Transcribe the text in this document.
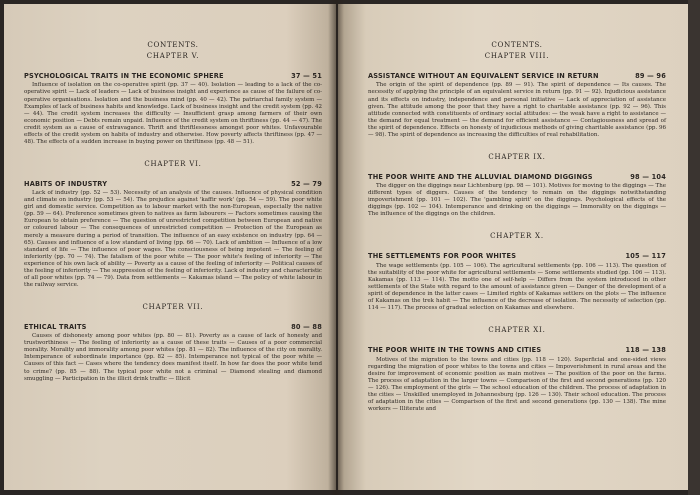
CONTENTS.
CHAPTER V.
PSYCHOLOGICAL TRAITS IN THE ECONOMIC SPHERE	37 — 51

Influence of isolation on the co-operative spirit (pp. 37 — 40). Isolation — leading to a lack of the co-operative spirit — Lack of leaders — Lack of business insight and experience as cause of the failure of co-operative organisations. Isolation and the business mind (pp. 40 — 42). The patriarchal family system — Examples of lack of business habits and knowledge. Lack of business insight and the credit system (pp. 42 — 44). The credit system increases the difficulty — Insufficient grasp among farmers of their own economic position — Debts remain unpaid. Influence of the credit system on thriftiness (pp. 44 — 47). The credit system as a cause of extravagance. Thrift and thriftlessness amongst poor whites. Unfavourable effects of the credit system on habits of industry and otherwise. How poverty affects thriftiness (pp. 47 — 48). The effects of a sudden increase in buying power on thriftiness (pp. 48 — 51).

CHAPTER VI.
HABITS OF INDUSTRY	52 — 79

Lack of industry (pp. 52 — 53). Necessity of an analysis of the causes. Influence of physical condition and climate on industry (pp. 53 — 54). The prejudice against 'kaffir work' (pp. 54 — 59). The poor white girl and domestic service. Competition as to labour market with the non-European, especially the native (pp. 59 — 64). Preference sometimes given to natives as farm labourers — Factors sometimes causing the European to obtain preference — The question of unrestricted competition between European and native or coloured labour — The consequences of unrestricted competition — Protection of the European as merely a measure during a period of transition. The influence of an easy existence on industry (pp. 64 — 65). Causes and influence of a low standard of living (pp. 66 — 70). Lack of ambition — Influence of a low standard of life — The influence of poor wages. The consciousness of being impotent — The feeling of inferiority (pp. 70 — 74). The fatalism of the poor white — The poor white's feeling of inferiority — The experience of his own lack of ability — Poverty as a cause of the feeling of inferiority — Political causes of the feeling of inferiority — The suppression of the feeling of inferiority. Lack of industry and characteristic of all poor whites (pp. 74 — 79). Data from settlements — Kakamas island — The policy of white labour in the railway service.

CHAPTER VII.
ETHICAL TRAITS	80 — 88

Causes of dishonesty among poor whites (pp. 80 — 81). Poverty as a cause of lack of honesty and trustworthiness — The feeling of inferiority as a cause of these traits — Causes of a poor commercial morality. Morality and immorality among poor whites (pp. 81 — 82). The influence of the city on morality. Intemperance of subordinate importance (pp. 82 — 85). Intemperance not typical of the poor white — Causes of this fact — Cases where the tendency does manifest itself. In how far does the poor white tend to crime? (pp. 85 — 88). The typical poor white not a criminal — Diamond stealing and diamond smuggling — Participation in the illicit drink traffic — Illicit

CONTENTS.
CHAPTER VIII.
ASSISTANCE WITHOUT AN EQUIVALENT SERVICE IN RETURN	89 — 96

The origin of the spirit of dependence (pp. 89 — 91). The spirit of dependence — Its causes. The necessity of applying the principle of an equivalent service in return (pp. 91 — 92). Injudicious assistance and its effects on industry, independence and personal initiative — Lack of appreciation of assistance given. The attitude among the poor that they have a right to charitable assistance (pp. 92 — 96). This attitude connected with constituents of ordinary social attitudes: — the weak have a right to assistance — the demand for equal treatment — the demand for efficient assistance — Contagiousness and spread of the spirit of dependence. Effects on honesty of injudicious methods of giving charitable assistance (pp. 96 — 98). The spirit of dependence as increasing the difficulties of real rehabilitation.

CHAPTER IX.
THE POOR WHITE AND THE ALLUVIAL DIAMOND DIGGINGS	98 — 104

The digger on the diggings near Lichtenburg (pp. 98 — 101). Motives for moving to the diggings — The different types of diggers. Causes of the tendency to remain on the diggings notwithstanding impoverishment (pp. 101 — 102). The 'gambling spirit' on the diggings. Psychological effects of the diggings (pp. 102 — 104). Intemperance and drinking on the diggings — Immorality on the diggings — The influence of the diggings on the children.

CHAPTER X.
THE SETTLEMENTS FOR POOR WHITES	105 — 117

The wage settlements (pp. 105 — 106). The agricultural settlements (pp. 106 — 113). The question of the suitability of the poor white for agricultural settlements — Some settlements studied (pp. 106 — 113). Kakamas (pp. 113 — 114). The motto one of self-help — Differs from the system introduced in other settlements of the State with regard to the amount of assistance given — Danger of the development of a spirit of dependence in the latter cases — Limited rights of Kakamas settlers on the plots — The influence of Kakamas on the trek habit — The influence of the decrease of isolation. The necessity of selection (pp. 114 — 117). The process of gradual selection on Kakamas and elsewhere.

CHAPTER XI.
THE POOR WHITE IN THE TOWNS AND CITIES	118 — 138

Motives of the migration to the towns and cities (pp. 118 — 120). Superficial and one-sided views regarding the migration of poor whites to the towns and cities — Impoverishment in rural areas and the desire for improvement of economic position as main motives — The position of the poor on the farms. The process of adaptation in the larger towns — Comparison of the first and second generations (pp. 120 — 126). The employment of the girls — The school education of the children. The process of adaptation in the cities — Unskilled unemployed in Johannesburg (pp. 126 — 130). Their school education. The process of adaptation in the cities — Comparison of the first and second generations (pp. 130 — 138). The mine workers — Illiterate and
